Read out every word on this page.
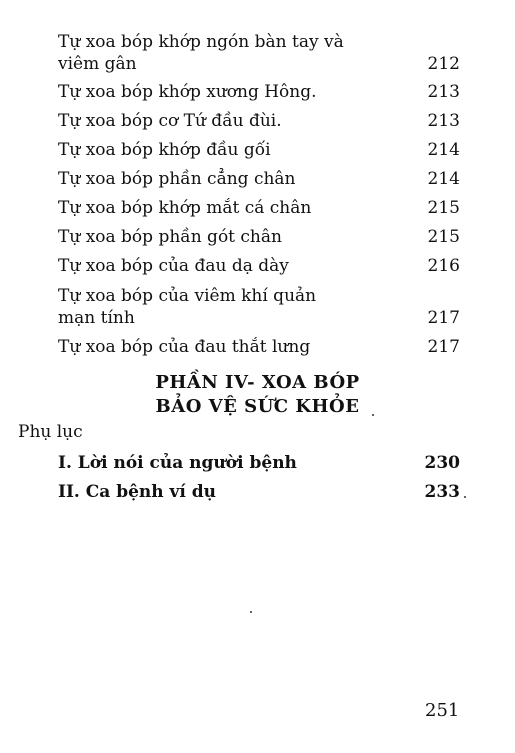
Tự xoa bóp khớp ngón bàn tay và
viêm gân	212
Tự xoa bóp khớp xương Hông.	213
Tự xoa bóp cơ Tứ đầu đùi.	213
Tự xoa bóp khớp đầu gối	214
Tự xoa bóp phần cẳng chân	214
Tự xoa bóp khớp mắt cá chân	215
Tự xoa bóp phần gót chân	215
Tự xoa bóp của đau dạ dày	216
Tự xoa bóp của viêm khí quản
mạn tính	217
Tự xoa bóp của đau thắt lưng	217
PHẦN IV- XOA BÓP
BẢO VỆ SỨC KHỎE
Phụ lục
I. Lời nói của người bệnh	230
II. Ca bệnh ví dụ	233
251
